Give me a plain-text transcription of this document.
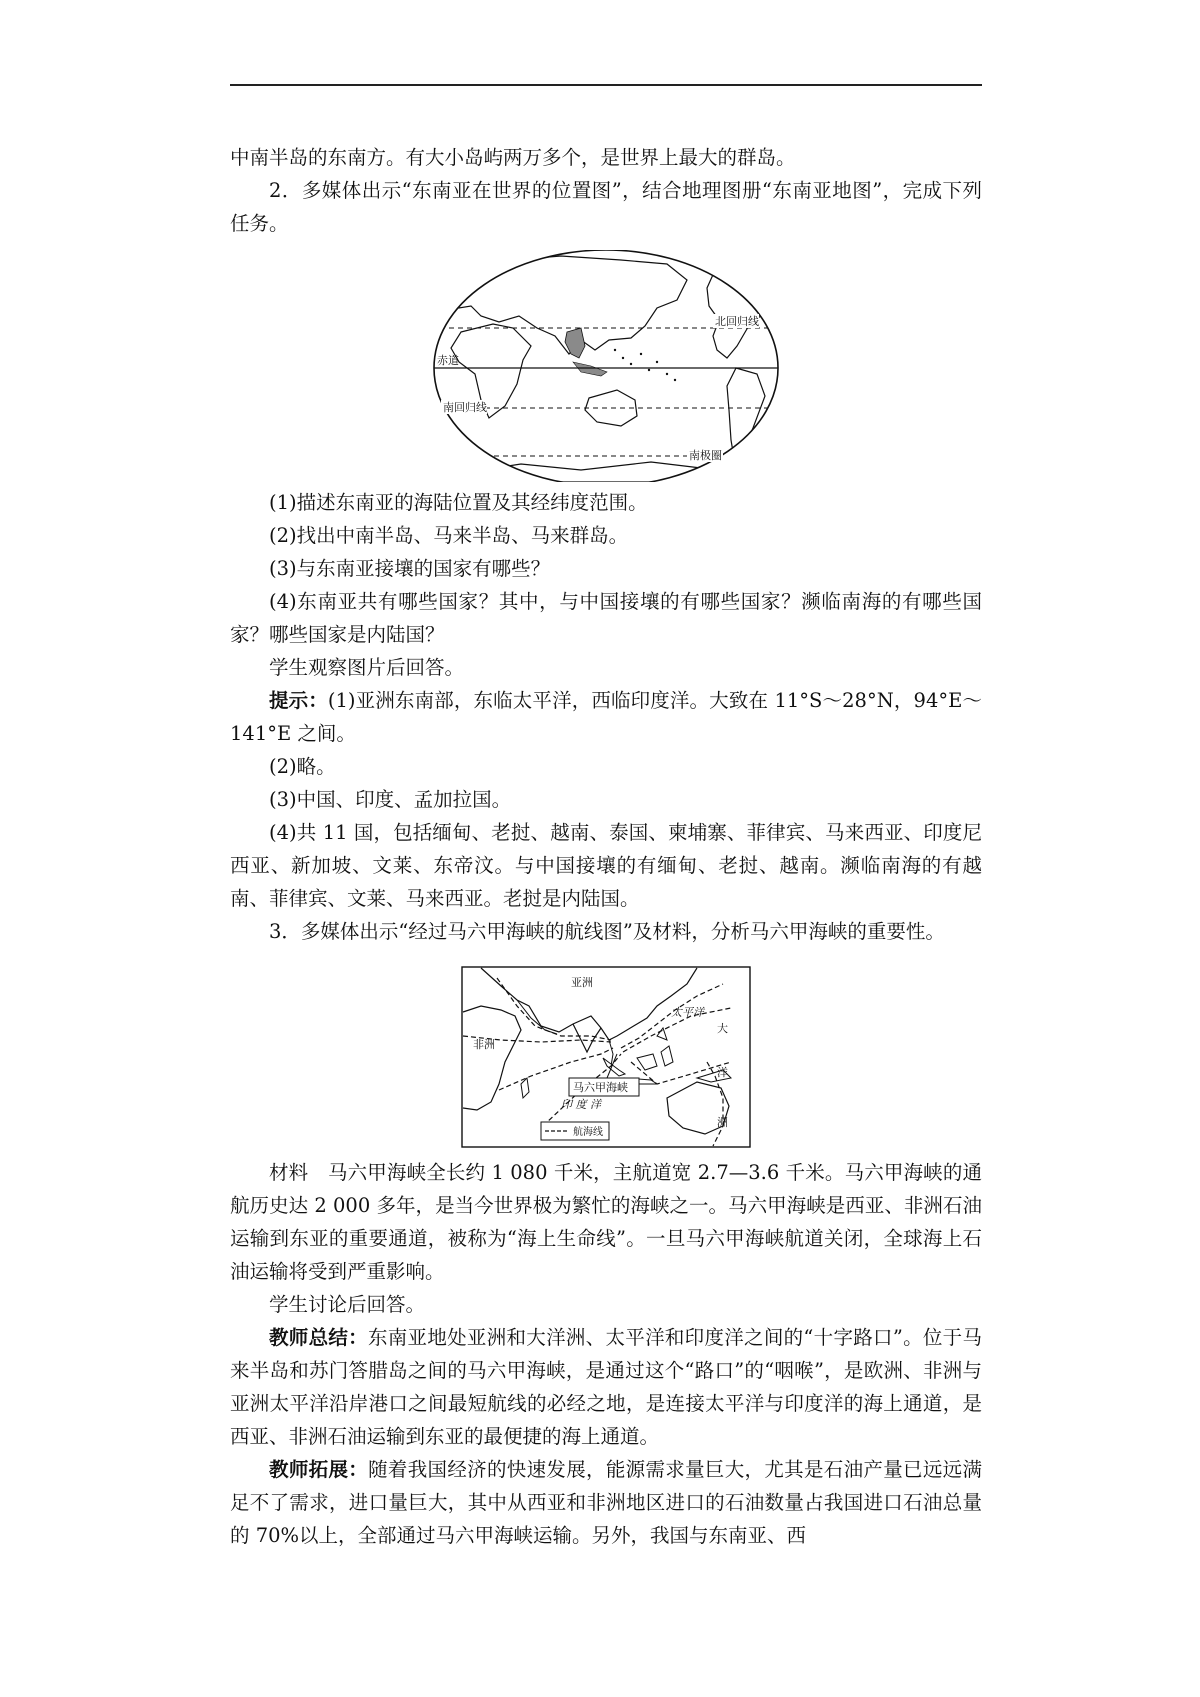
中南半岛的东南方。有大小岛屿两万多个，是世界上最大的群岛。

2．多媒体出示“东南亚在世界的位置图”，结合地理图册“东南亚地图”，完成下列任务。

北回归线
赤道
南回归线
南极圈

(1)描述东南亚的海陆位置及其经纬度范围。

(2)找出中南半岛、马来半岛、马来群岛。

(3)与东南亚接壤的国家有哪些？

(4)东南亚共有哪些国家？其中，与中国接壤的有哪些国家？濒临南海的有哪些国家？哪些国家是内陆国？

学生观察图片后回答。

提示：(1)亚洲东南部，东临太平洋，西临印度洋。大致在 11°S～28°N，94°E～141°E 之间。

(2)略。

(3)中国、印度、孟加拉国。

(4)共 11 国，包括缅甸、老挝、越南、泰国、柬埔寨、菲律宾、马来西亚、印度尼西亚、新加坡、文莱、东帝汶。与中国接壤的有缅甸、老挝、越南。濒临南海的有越南、菲律宾、文莱、马来西亚。老挝是内陆国。

3．多媒体出示“经过马六甲海峡的航线图”及材料，分析马六甲海峡的重要性。

马六甲海峡
亚洲
非洲
太平洋
大
洋
洲
印 度 洋
航海线

材料　 马六甲海峡全长约 1 080 千米，主航道宽 2.7—3.6 千米。马六甲海峡的通航历史达 2 000 多年，是当今世界极为繁忙的海峡之一。马六甲海峡是西亚、非洲石油运输到东亚的重要通道，被称为“海上生命线”。一旦马六甲海峡航道关闭，全球海上石油运输将受到严重影响。

学生讨论后回答。

教师总结：东南亚地处亚洲和大洋洲、太平洋和印度洋之间的“十字路口”。位于马来半岛和苏门答腊岛之间的马六甲海峡，是通过这个“路口”的“咽喉”，是欧洲、非洲与亚洲太平洋沿岸港口之间最短航线的必经之地，是连接太平洋与印度洋的海上通道，是西亚、非洲石油运输到东亚的最便捷的海上通道。

教师拓展：随着我国经济的快速发展，能源需求量巨大，尤其是石油产量已远远满足不了需求，进口量巨大，其中从西亚和非洲地区进口的石油数量占我国进口石油总量的 70%以上，全部通过马六甲海峡运输。另外，我国与东南亚、西
